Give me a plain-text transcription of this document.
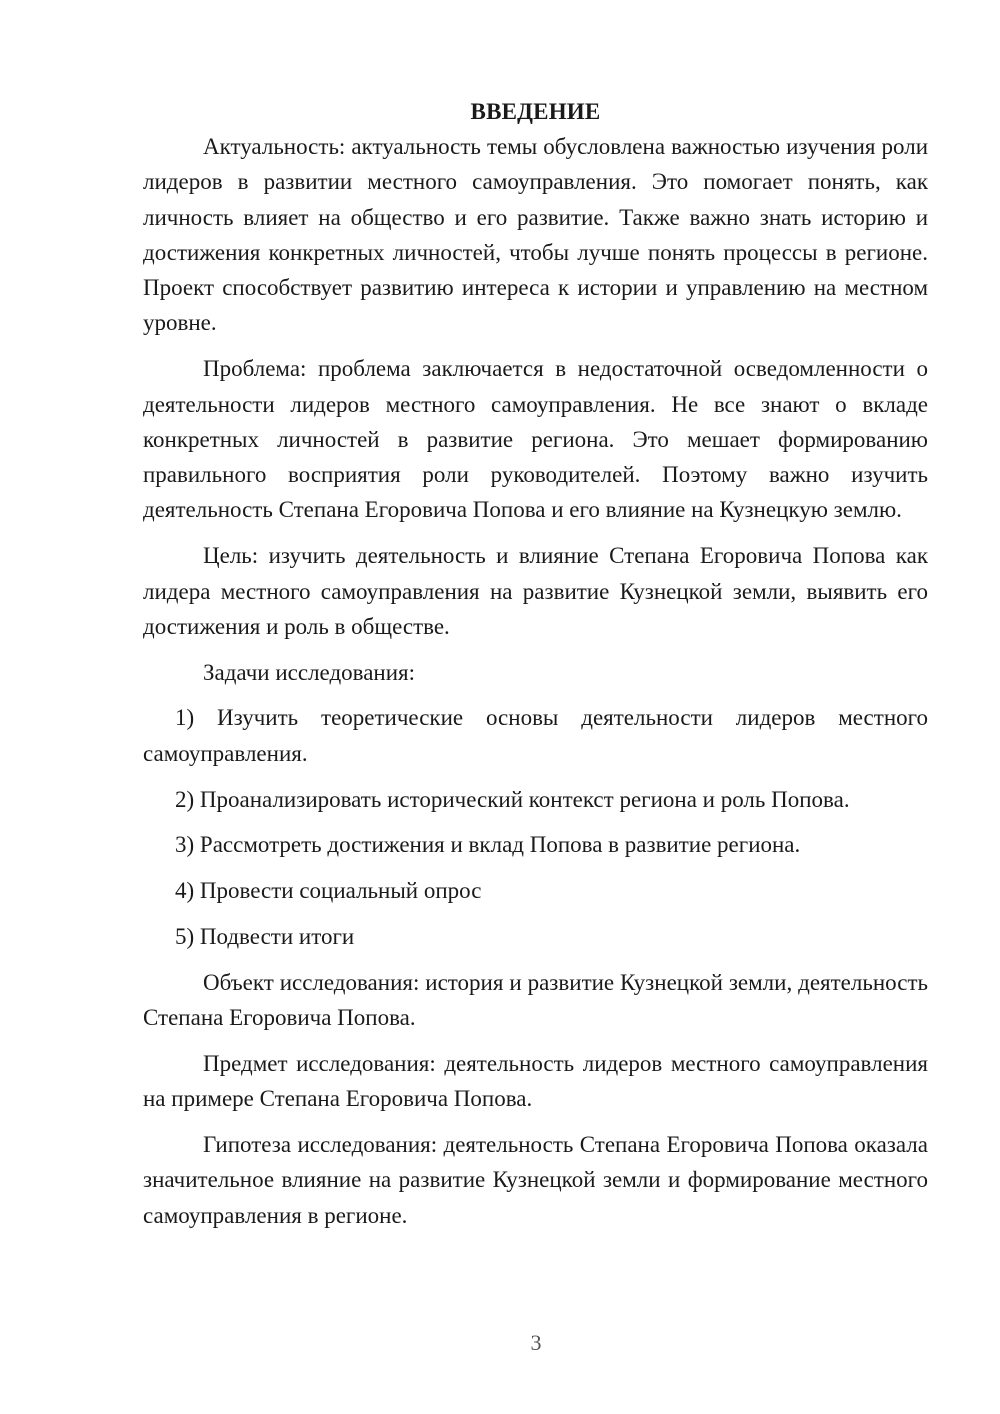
ВВЕДЕНИЕ

Актуальность: актуальность темы обусловлена важностью изучения роли лидеров в развитии местного самоуправления. Это помогает понять, как личность влияет на общество и его развитие. Также важно знать историю и достижения конкретных личностей, чтобы лучше понять процессы в регионе. Проект способствует развитию интереса к истории и управлению на местном уровне.

Проблема: проблема заключается в недостаточной осведомленности о деятельности лидеров местного самоуправления. Не все знают о вкладе конкретных личностей в развитие региона. Это мешает формированию правильного восприятия роли руководителей. Поэтому важно изучить деятельность Степана Егоровича Попова и его влияние на Кузнецкую землю.

Цель: изучить деятельность и влияние Степана Егоровича Попова как лидера местного самоуправления на развитие Кузнецкой земли, выявить его достижения и роль в обществе.

Задачи исследования:

1) Изучить теоретические основы деятельности лидеров местного самоуправления.

2) Проанализировать исторический контекст региона и роль Попова.

3) Рассмотреть достижения и вклад Попова в развитие региона.

4) Провести социальный опрос

5) Подвести итоги

Объект исследования: история и развитие Кузнецкой земли, деятельность Степана Егоровича Попова.

Предмет исследования: деятельность лидеров местного самоуправления на примере Степана Егоровича Попова.

Гипотеза исследования: деятельность Степана Егоровича Попова оказала значительное влияние на развитие Кузнецкой земли и формирование местного самоуправления в регионе.

3
